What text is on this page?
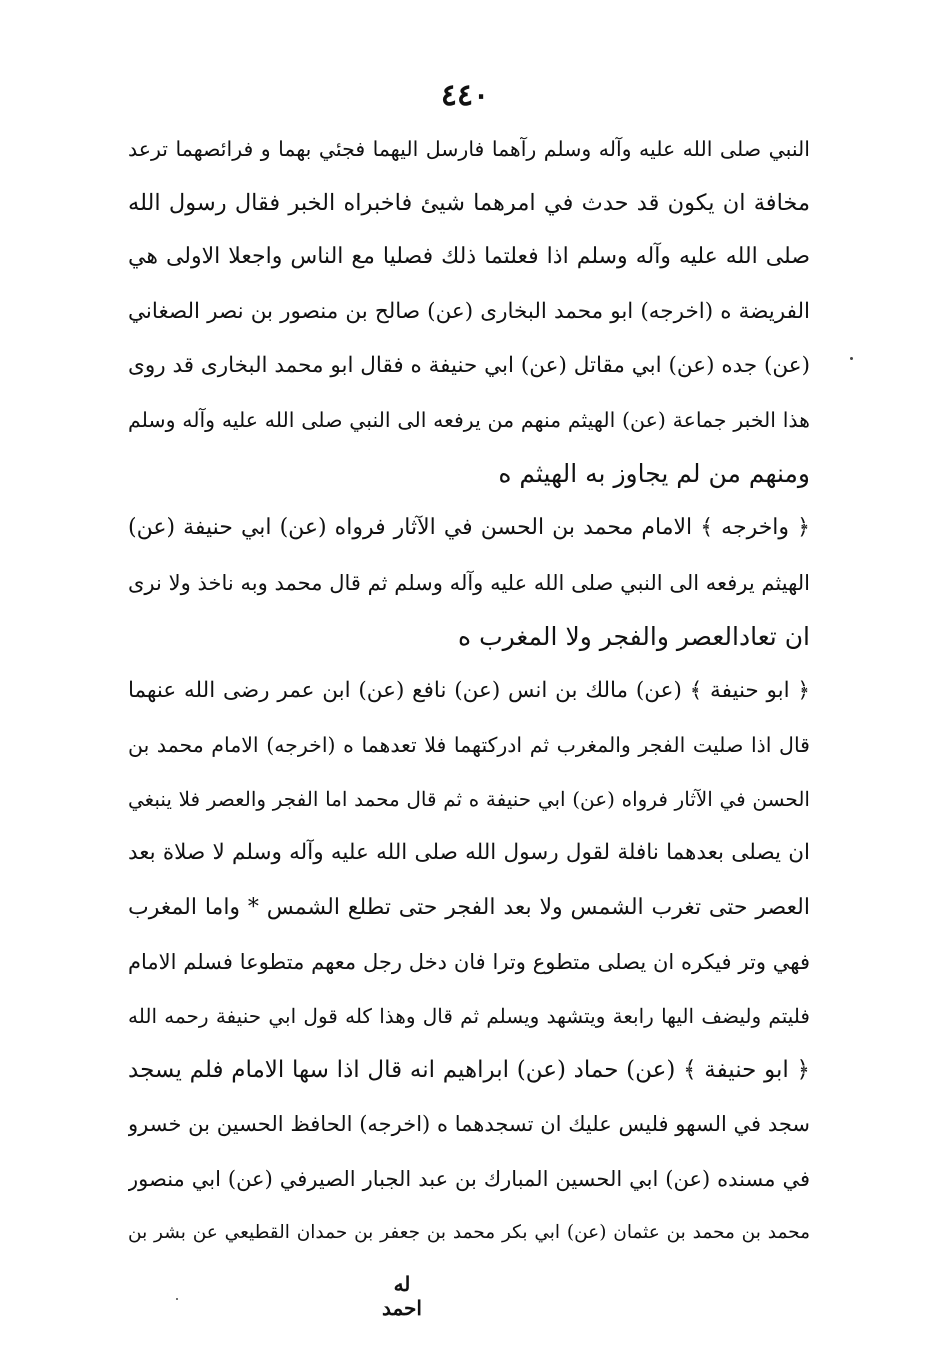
٤٤٠
النبي صلى الله عليه وآله وسلم رآهما فارسل اليهما فجئي بهما و فرائصهما ترعد
مخافة ان يكون قد حدث في امرهما شيئ فاخبراه الخبر فقال رسول الله
صلى الله عليه وآله وسلم اذا فعلتما ذلك فصليا مع الناس واجعلا الاولى هي
الفريضة ه (اخرجه) ابو محمد البخارى (عن) صالح بن منصور بن نصر الصغاني
(عن) جده (عن) ابي مقاتل (عن) ابي حنيفة ه فقال ابو محمد البخارى قد روى
هذا الخبر جماعة (عن) الهيثم منهم من يرفعه الى النبي صلى الله عليه وآله وسلم
ومنهم من لم يجاوز به الهيثم ه
﴿ واخرجه ﴾ الامام محمد بن الحسن في الآثار فرواه (عن) ابي حنيفة (عن)
الهيثم يرفعه الى النبي صلى الله عليه وآله وسلم ثم قال محمد وبه ناخذ ولا نرى
ان تعادالعصر والفجر ولا المغرب ه
﴿ ابو حنيفة ﴾ (عن) مالك بن انس (عن) نافع (عن) ابن عمر رضى الله عنهما
قال اذا صليت الفجر والمغرب ثم ادركتهما فلا تعدهما ه (اخرجه) الامام محمد بن
الحسن في الآثار فرواه (عن) ابي حنيفة ه ثم قال محمد اما الفجر والعصر فلا ينبغي
ان يصلى بعدهما نافلة لقول رسول الله صلى الله عليه وآله وسلم لا صلاة بعد
العصر حتى تغرب الشمس ولا بعد الفجر حتى تطلع الشمس * واما المغرب
فهي وتر فيكره ان يصلى متطوع وترا فان دخل رجل معهم متطوعا فسلم الامام
فليتم وليضف اليها رابعة ويتشهد ويسلم ثم قال وهذا كله قول ابي حنيفة رحمه الله
﴿ ابو حنيفة ﴾ (عن) حماد (عن) ابراهيم انه قال اذا سها الامام فلم يسجد
سجد في السهو فليس عليك ان تسجدهما ه (اخرجه) الحافظ الحسين بن خسرو
في مسنده (عن) ابي الحسين المبارك بن عبد الجبار الصيرفي (عن) ابي منصور
محمد بن محمد بن عثمان (عن) ابي بكر محمد بن جعفر بن حمدان القطيعي عن بشر بن
له احمد
